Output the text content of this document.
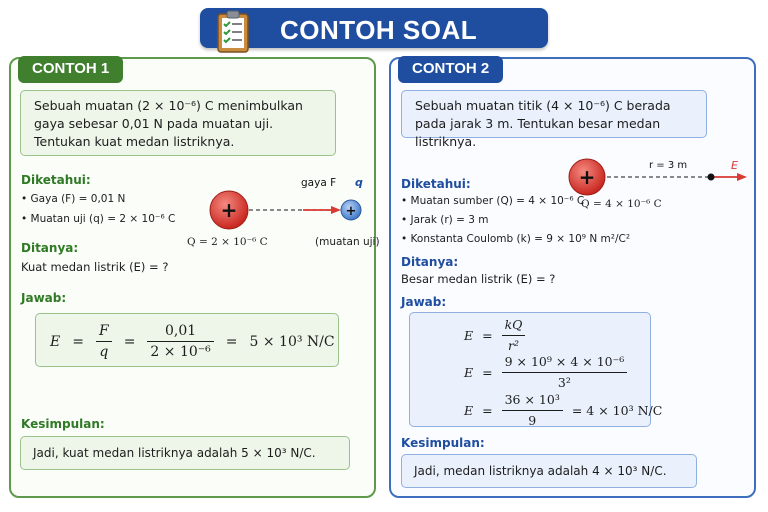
CONTOH SOAL
CONTOH 1
Sebuah muatan (2 × 10⁻⁶) C menimbulkan
gaya sebesar 0,01 N pada muatan uji.
Tentukan kuat medan listriknya.
Diketahui:
• Gaya (F) = 0,01 N
• Muatan uji (q) = 2 × 10⁻⁶ C
Ditanya:
Kuat medan listrik (E) = ?
+	+
gaya F q
Q = 2 × 10⁻⁶ C	(muatan uji)
Jawab:
$E = \frac{F}{q} = \frac{0,01}{\text{2 × 10⁻⁶}} = 5 \times 10^3$ N/C
Kesimpulan:
Jadi, kuat medan listriknya adalah 5 × 10³ N/C.
CONTOH 2
Sebuah muatan titik (4 × 10⁻⁶) C berada
pada jarak 3 m. Tentukan besar medan listriknya.
+	r = 3 m	E
Diketahui:
Q = 4 × 10⁻⁶ C
• Muatan sumber (Q) = 4 × 10⁻⁶ C
• Jarak (r) = 3 m
• Konstanta Coulomb (k) = 9 × 10⁹ N m²/C²
Ditanya:
Besar medan listrik (E) = ?
Jawab:
$E = \frac{kQ}{\text{r²}}$
$E = \frac{\text{9 × 10⁹ × 4 × 10⁻⁶}}{\text{3²}}$
$E = \frac{\text{36 × 10³}}{9} = 4 \times 10^3$ N/C
Kesimpulan:
Jadi, medan listriknya adalah 4 × 10³ N/C.
